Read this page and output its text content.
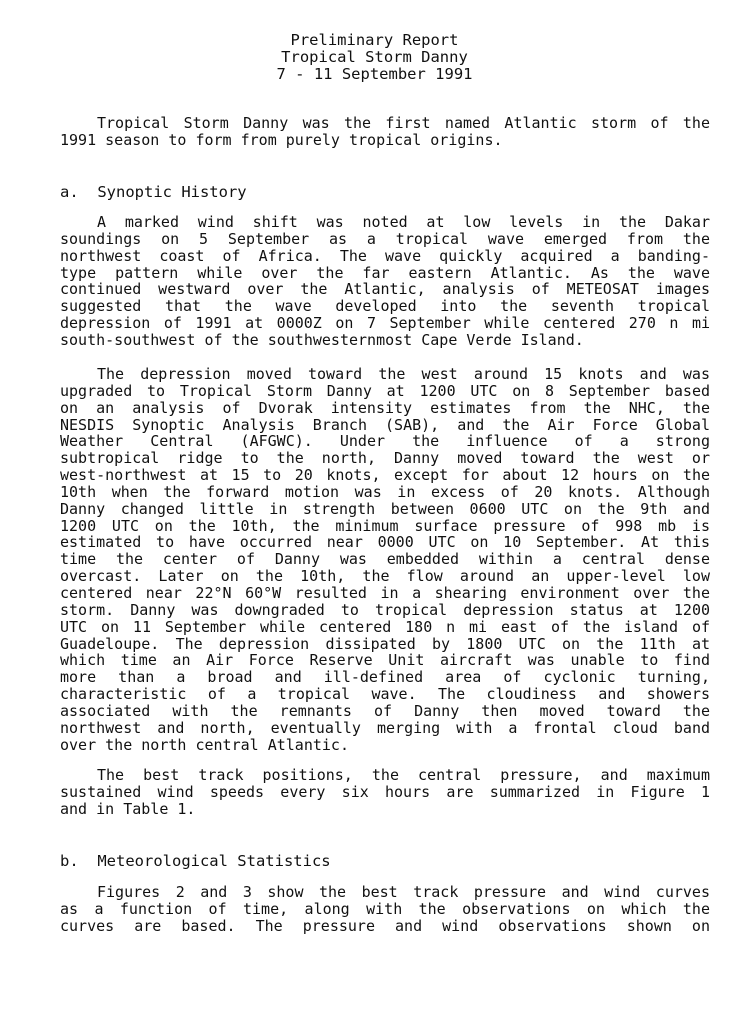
Preliminary Report
Tropical Storm Danny
7 - 11 September 1991
Tropical Storm Danny was the first named Atlantic storm of the
1991 season to form from purely tropical origins.
a.  Synoptic History
A marked wind shift was noted at low levels in the Dakar
soundings on 5 September as a tropical wave emerged from the
northwest coast of Africa. The wave quickly acquired a banding-
type pattern while over the far eastern Atlantic. As the wave
continued westward over the Atlantic, analysis of METEOSAT images
suggested that the wave developed into the seventh tropical
depression of 1991 at 0000Z on 7 September while centered 270 n mi
south-southwest of the southwesternmost Cape Verde Island.
The depression moved toward the west around 15 knots and was
upgraded to Tropical Storm Danny at 1200 UTC on 8 September based
on an analysis of Dvorak intensity estimates from the NHC, the
NESDIS Synoptic Analysis Branch (SAB), and the Air Force Global
Weather Central (AFGWC). Under the influence of a strong
subtropical ridge to the north, Danny moved toward the west or
west-northwest at 15 to 20 knots, except for about 12 hours on the
10th when the forward motion was in excess of 20 knots. Although
Danny changed little in strength between 0600 UTC on the 9th and
1200 UTC on the 10th, the minimum surface pressure of 998 mb is
estimated to have occurred near 0000 UTC on 10 September. At this
time the center of Danny was embedded within a central dense
overcast. Later on the 10th, the flow around an upper-level low
centered near 22°N 60°W resulted in a shearing environment over the
storm. Danny was downgraded to tropical depression status at 1200
UTC on 11 September while centered 180 n mi east of the island of
Guadeloupe. The depression dissipated by 1800 UTC on the 11th at
which time an Air Force Reserve Unit aircraft was unable to find
more than a broad and ill-defined area of cyclonic turning,
characteristic of a tropical wave. The cloudiness and showers
associated with the remnants of Danny then moved toward the
northwest and north, eventually merging with a frontal cloud band
over the north central Atlantic.
The best track positions, the central pressure, and maximum
sustained wind speeds every six hours are summarized in Figure 1
and in Table 1.
b.  Meteorological Statistics
Figures 2 and 3 show the best track pressure and wind curves
as a function of time, along with the observations on which the
curves are based. The pressure and wind observations shown on
